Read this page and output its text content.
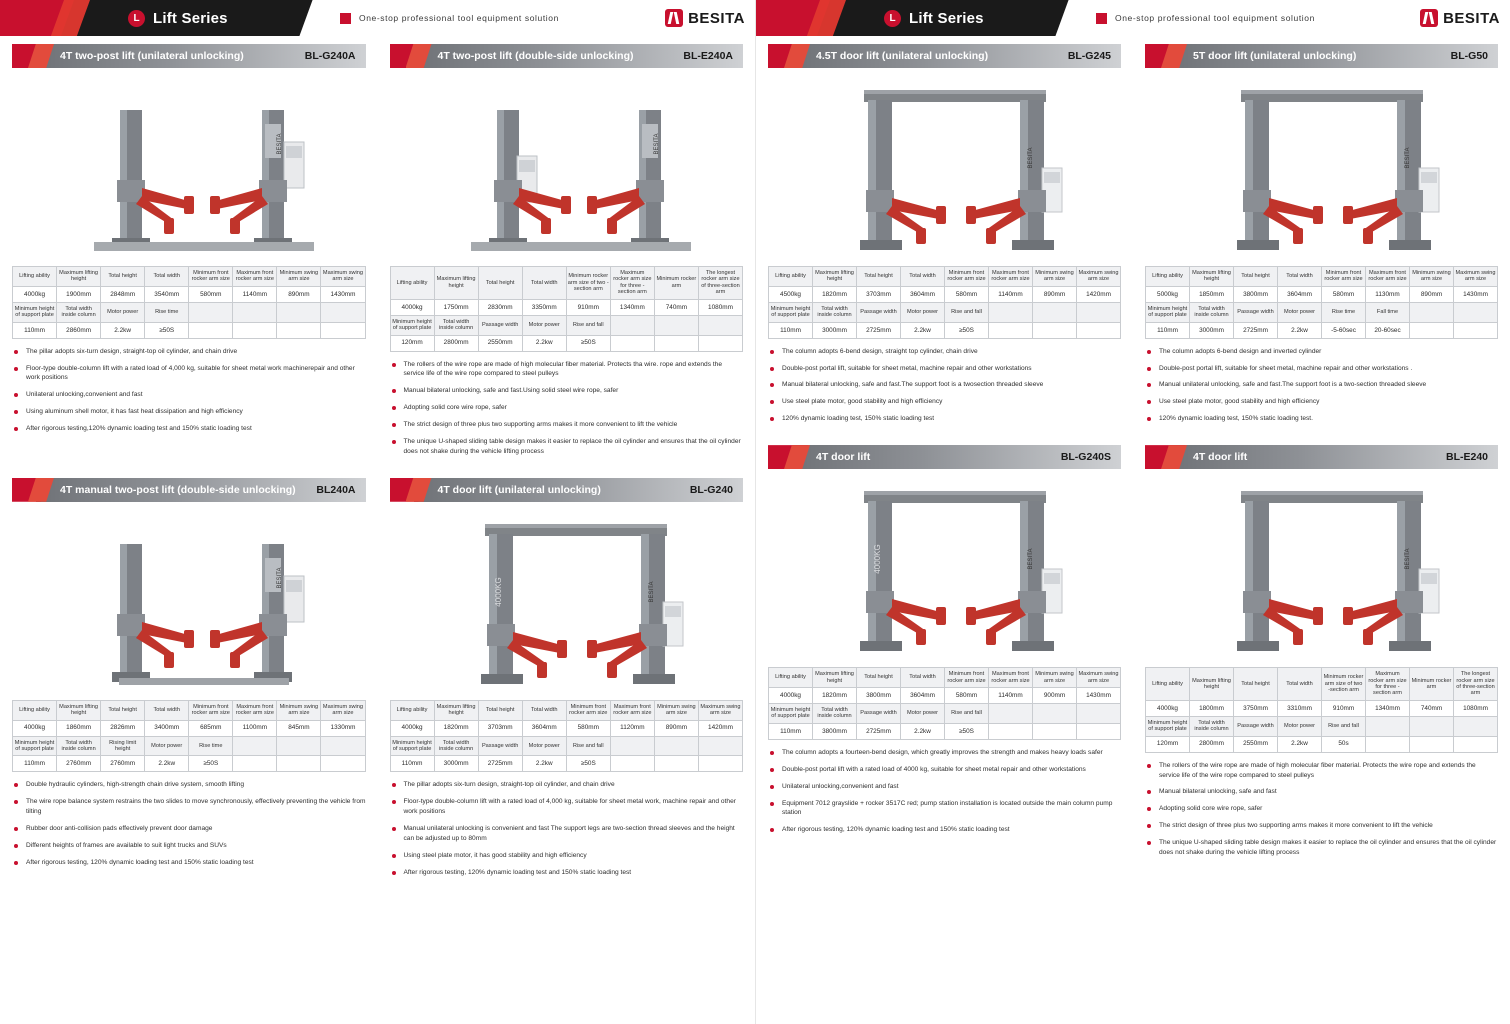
L Lift Series	One-stop professional tool equipment solution	BESITA
4T two-post lift (unilateral unlocking)	BL-G240A
BESITA
Lifting ability	Maximum lifting height	Total height	Total width	Minimum front rocker arm size	Maximum front rocker arm size	Minimum swing arm size	Maximum swing arm size
4000kg	1900mm	2848mm	3540mm	580mm	1140mm	890mm	1430mm
Minimum height of support plate	Total width inside column	Motor power	Rise time				
110mm	2860mm	2.2kw	≥50S				
The pillar adopts six-turn design, straight-top oil cylinder, and chain drive
Floor-type double-column lift with a rated load of 4,000 kg, suitable for sheet metal work machinerepair and other work positions
Unilateral unlocking,convenient and fast
Using aluminum shell motor, it has fast heat dissipation and high efficiency
After rigorous testing,120% dynamic loading test and 150% static loading test
4T two-post lift (double-side unlocking)	BL-E240A
BESITA
Lifting ability	Maximum lifting height	Total height	Total width	Minimum rocker arm size of two -section arm	Maximum rocker arm size for three -section arm	Minimum rocker arm	The longest rocker arm size of three-section arm
4000kg	1750mm	2830mm	3350mm	910mm	1340mm	740mm	1080mm
Minimum height of support plate	Total width inside column	Passage width	Motor power	Rise and fall			
120mm	2800mm	2550mm	2.2kw	≥50S			
The rollers of the wire rope are made of high molecular fiber material. Protects tha wire. rope and extends the service life of the wire rope compared to steel pulleys
Manual bilateral unlocking, safe and fast.Using solid steel wire rope, safer
Adopting solid core wire rope, safer
The strict design of three plus two supporting arms makes it more convenient to lift the vehicle
The unique U-shaped sliding table design makes it easier to replace the oil cylinder and ensures that the oil cylinder does not shake during the vehicle lifting process
4T manual two-post lift (double-side unlocking) BL240A
BESITA
Lifting ability	Maximum lifting height	Total height	Total width	Minimum front rocker arm size	Maximum front rocker arm size	Minimum swing arm size	Maximum swing arm size
4000kg	1860mm	2826mm	3400mm	685mm	1100mm	845mm	1330mm
Minimum height of support plate	Total width inside column	Rising limit height	Motor power	Rise time			
110mm	2760mm	2760mm	2.2kw	≥50S			
Double hydraulic cylinders, high-strength chain drive system, smooth lifting
The wire rope balance system restrains the two slides to move synchronously, effectively preventing the vehicle from tilting
Rubber door anti-collision pads effectively prevent door damage
Different heights of frames are available to suit light trucks and SUVs
After rigorous testing, 120% dynamic loading test and 150% static loading test
4T door lift (unilateral unlocking)	BL-G240
4000KG	BESITA
Lifting ability	Maximum lifting height	Total height	Total width	Minimum front rocker arm size	Maximum front rocker arm size	Minimum swing arm size	Maximum swing arm size
4000kg	1820mm	3703mm	3604mm	580mm	1120mm	890mm	1420mm
Minimum height of support plate	Total width inside column	Passage width	Motor power	Rise and fall			
110mm	3000mm	2725mm	2.2kw	≥50S			
The pillar adopts six-turn design, straight-top oil cylinder, and chain drive
Floor-type double-column lift with a rated load of 4,000 kg, suitable for sheet metal work, machine repair and other work positions
Manual unilateral unlocking is convenient and fast The support legs are two-section thread sleeves and the height can be adjusted up to 80mm
Using steel plate motor, it has good stability and high efficiency
After rigorous testing, 120% dynamic loading test and 150% static loading test
L Lift Series	One-stop professional tool equipment solution	BESITA
4.5T door lift (unilateral unlocking)	BL-G245
BESITA
Lifting ability	Maximum lifting height	Total height	Total width	Minimum front rocker arm size	Maximum front rocker arm size	Minimum swing arm size	Maximum swing arm size
4500kg	1820mm	3703mm	3604mm	580mm	1140mm	890mm	1420mm
Minimum height of support plate	Total width inside column	Passage width	Motor power	Rise and fall			
110mm	3000mm	2725mm	2.2kw	≥50S			
The column adopts 6-bend design, straight top cylinder, chain drive
Double-post portal lift, suitable for sheet metal, machine repair and other workstations
Manual bilateral unlocking, safe and fast.The support foot is a twosection threaded sleeve
Use steel plate motor, good stability and high efficiency
120% dynamic loading test, 150% static loading test
5T door lift (unilateral unlocking)	BL-G50
BESITA
Lifting ability	Maximum lifting height	Total height	Total width	Minimum front rocker arm size	Maximum front rocker arm size	Minimum swing arm size	Maximum swing arm size
5000kg	1850mm	3800mm	3604mm	580mm	1130mm	890mm	1430mm
Minimum height of support plate	Total width inside column	Passage width	Motor power	Rise time	Fall time		
110mm	3000mm	2725mm	2.2kw	-5-60sec	20-60sec		
The column adopts 6-bend design and inverted cylinder
Double-post portal lift, suitable for sheet metal, machine repair and other workstations .
Manual unilateral unlocking, safe and fast.The support foot is a two-section threaded sleeve
Use steel plate motor, good stability and high efficiency
120% dynamic loading test, 150% static loading test.
4T door lift	BL-G240S
4000KG	BESITA
Lifting ability	Maximum lifting height	Total height	Total width	Minimum front rocker arm size	Maximum front rocker arm size	Minimum swing arm size	Maximum swing arm size
4000kg	1820mm	3800mm	3604mm	580mm	1140mm	900mm	1430mm
Minimum height of support plate	Total width inside column	Passage width	Motor power	Rise and fall			
110mm	3800mm	2725mm	2.2kw	≥50S			
The column adopts a fourteen-bend design, which greatly improves the strength and makes heavy loads safer
Double-post portal lift with a rated load of 4000 kg, suitable for sheet metal repair and other workstations
Unilateral unlocking,convenient and fast
Equipment 7012 grayslide + rocker 3517C red; pump station installation is located outside the main column pump station
After rigorous testing, 120% dynamic loading test and 150% static loading test
4T door lift	BL-E240
BESITA
Lifting ability	Maximum lifting height	Total height	Total width	Minimum rocker arm size of two -section arm	Maximum rocker arm size for three -section arm	Minimum rocker arm	The longest rocker arm size of three-section arm
4000kg	1800mm	3750mm	3310mm	910mm	1340mm	740mm	1080mm
Minimum height of support plate	Total width inside column	Passage width	Motor power	Rise and fall			
120mm	2800mm	2550mm	2.2kw	50s			
The rollers of the wire rope are made of high molecular fiber material. Protects the wire rope and extends the service life of the wire rope compared to steel pulleys
Manual bilateral unlocking, safe and fast
Adopting solid core wire rope, safer
The strict design of three plus two supporting arms makes it more convenient to lift the vehicle
The unique U-shaped sliding table design makes it easier to replace the oil cylinder and ensures that the oil cylinder does not shake during the vehicle lifting process
